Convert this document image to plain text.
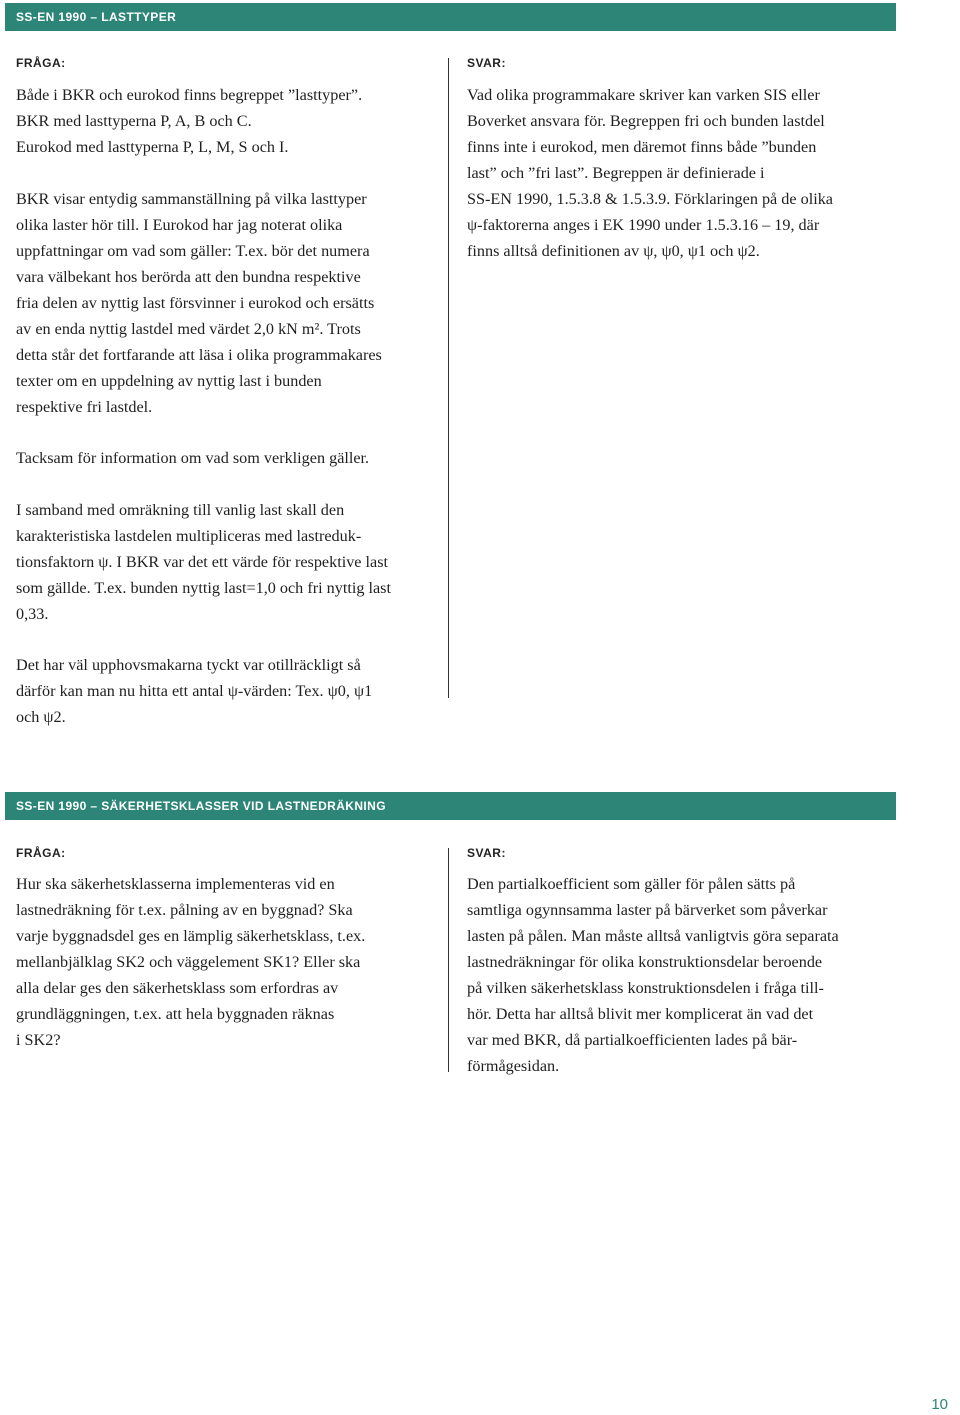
SS-EN 1990 – LASTTYPER
FRÅGA:	SVAR:

Både i BKR och eurokod finns begreppet ”lasttyper”.
BKR med lasttyperna P, A, B och C.
Eurokod med lasttyperna P, L, M, S och I.

BKR visar entydig sammanställning på vilka lasttyper
olika laster hör till. I Eurokod har jag noterat olika
uppfattningar om vad som gäller: T.ex. bör det numera
vara välbekant hos berörda att den bundna respektive
fria delen av nyttig last försvinner i eurokod och ersätts
av en enda nyttig lastdel med värdet 2,0 kN m². Trots
detta står det fortfarande att läsa i olika programmakares
texter om en uppdelning av nyttig last i bunden
respektive fri lastdel.

Tacksam för information om vad som verkligen gäller.

I samband med omräkning till vanlig last skall den
karakteristiska lastdelen multipliceras med lastreduk-
tionsfaktorn ψ. I BKR var det ett värde för respektive last
som gällde. T.ex. bunden nyttig last=1,0 och fri nyttig last
0,33.

Det har väl upphovsmakarna tyckt var otillräckligt så
därför kan man nu hitta ett antal ψ-värden: Tex. ψ0, ψ1
och ψ2.

Vad olika programmakare skriver kan varken SIS eller
Boverket ansvara för. Begreppen fri och bunden lastdel
finns inte i eurokod, men däremot finns både ”bunden
last” och ”fri last”. Begreppen är definierade i
SS-EN 1990, 1.5.3.8 & 1.5.3.9. Förklaringen på de olika
ψ-faktorerna anges i EK 1990 under 1.5.3.16 – 19, där
finns alltså definitionen av ψ, ψ0, ψ1 och ψ2.

SS-EN 1990 – SÄKERHETSKLASSER VID LASTNEDRÄKNING
FRÅGA:	SVAR:

Hur ska säkerhetsklasserna implementeras vid en
lastnedräkning för t.ex. pålning av en byggnad? Ska
varje byggnadsdel ges en lämplig säkerhetsklass, t.ex.
mellanbjälklag SK2 och väggelement SK1? Eller ska
alla delar ges den säkerhetsklass som erfordras av
grundläggningen, t.ex. att hela byggnaden räknas
i SK2?

Den partialkoefficient som gäller för pålen sätts på
samtliga ogynnsamma laster på bärverket som påverkar
lasten på pålen. Man måste alltså vanligtvis göra separata
lastnedräkningar för olika konstruktionsdelar beroende
på vilken säkerhetsklass konstruktionsdelen i fråga till-
hör. Detta har alltså blivit mer komplicerat än vad det
var med BKR, då partialkoefficienten lades på bär-
förmågesidan.

10
